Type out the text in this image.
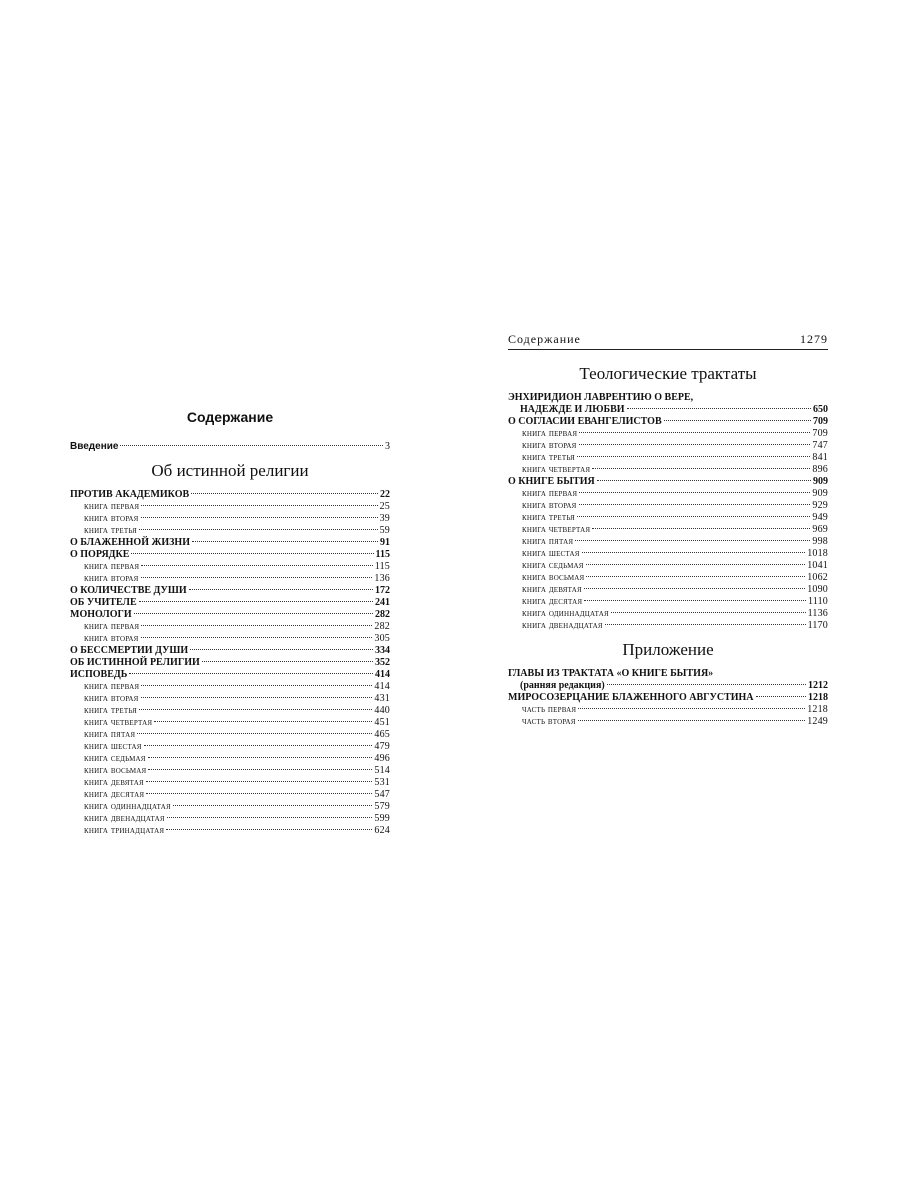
Содержание
Введение	3
Об истинной религии
ПРОТИВ АКАДЕМИКОВ	22
книга первая	25
книга вторая	39
книга третья	59
О БЛАЖЕННОЙ ЖИЗНИ	91
О ПОРЯДКЕ	115
книга первая	115
книга вторая	136
О КОЛИЧЕСТВЕ ДУШИ	172
ОБ УЧИТЕЛЕ	241
МОНОЛОГИ	282
книга первая	282
книга вторая	305
О БЕССМЕРТИИ ДУШИ	334
ОБ ИСТИННОЙ РЕЛИГИИ	352
ИСПОВЕДЬ	414
книга первая	414
книга вторая	431
книга третья	440
книга четвертая	451
книга пятая	465
книга шестая	479
книга седьмая	496
книга восьмая	514
книга девятая	531
книга десятая	547
книга одиннадцатая	579
книга двенадцатая	599
книга тринадцатая	624
Содержание	1279
Теологические трактаты
ЭНХИРИДИОН ЛАВРЕНТИЮ О ВЕРЕ,
НАДЕЖДЕ И ЛЮБВИ	650
О СОГЛАСИИ ЕВАНГЕЛИСТОВ	709
книга первая	709
книга вторая	747
книга третья	841
книга четвертая	896
О КНИГЕ БЫТИЯ	909
книга первая	909
книга вторая	929
книга третья	949
книга четвертая	969
книга пятая	998
книга шестая	1018
книга седьмая	1041
книга восьмая	1062
книга девятая	1090
книга десятая	1110
книга одиннадцатая	1136
книга двенадцатая	1170
Приложение
ГЛАВЫ ИЗ ТРАКТАТА «О КНИГЕ БЫТИЯ»
(ранняя редакция)	1212
МИРОСОЗЕРЦАНИЕ БЛАЖЕННОГО АВГУСТИНА	1218
часть первая	1218
часть вторая	1249
